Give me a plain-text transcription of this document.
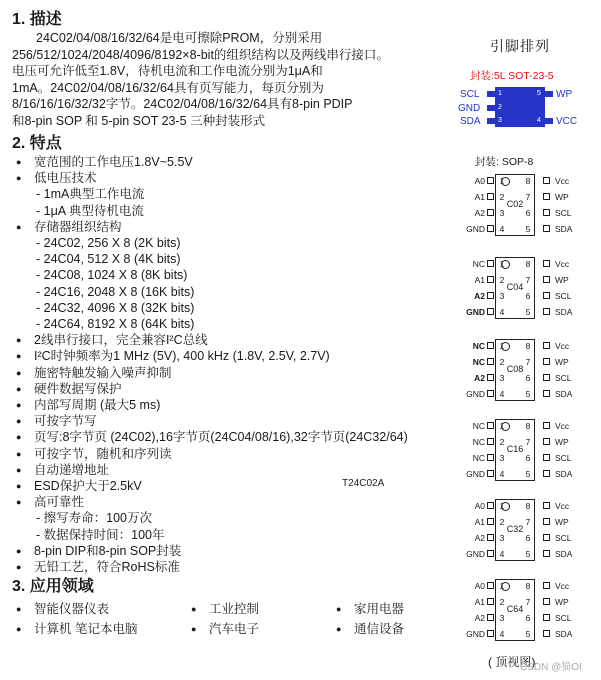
1. 描述
24C02/04/08/16/32/64是电可擦除PROM，分别采用
256/512/1024/2048/4096/8192×8-bit的组织结构以及两线串行接口。
电压可允许低至1.8V，待机电流和工作电流分别为1μA和
1mA。24C02/04/08/16/32/64具有页写能力，每页分别为
8/16/16/16/32/32字节。24C02/04/08/16/32/64具有8-pin PDIP
和8-pin SOP 和 5-pin SOT 23-5 三种封装形式
2. 特点
● 宽范围的工作电压1.8V~5.5V
● 低电压技术
- 1mA典型工作电流
- 1μA 典型待机电流
● 存储器组织结构
- 24C02, 256 X 8 (2K bits)
- 24C04, 512 X 8 (4K bits)
- 24C08, 1024 X 8 (8K bits)
- 24C16, 2048 X 8 (16K bits)
- 24C32, 4096 X 8 (32K bits)
- 24C64, 8192 X 8 (64K bits)
● 2线串行接口，完全兼容I²C总线
● I²C时钟频率为1 MHz (5V), 400 kHz (1.8V, 2.5V, 2.7V)
● 施密特触发输入噪声抑制
● 硬件数据写保护
● 内部写周期 (最大5 ms)
● 可按字节写
● 页写:8字节页 (24C02),16字节页(24C04/08/16),32字节页(24C32/64)
● 可按字节，随机和序列读
● 自动递增地址
● ESD保护大于2.5kV
● 高可靠性
- 擦写寿命：100万次
- 数据保持时间：100年
● 8-pin DIP和8-pin SOP封装
● 无铅工艺，符合RoHS标准
3. 应用领域
● 智能仪器仪表	● 工业控制	● 家用电器
● 计算机 笔记本电脑	● 汽车电子	● 通信设备
T24C02A
引脚排列
封装:5L SOT-23-5
SCL
GND
SDA
WP
VCC
1
2
3
5
4
封装: SOP-8
C02
A0 1	8	Vcc
A1 2	7	WP
A2 3	6	SCL
GND 4	5	SDA
C04
NC 1	8	Vcc
A1 2	7	WP
A2 3	6	SCL
GND 4	5	SDA
C08
NC 1	8	Vcc
NC 2	7	WP
A2 3	6	SCL
GND 4	5	SDA
C16
NC 1	8	Vcc
NC 2	7	WP
NC 3	6	SCL
GND 4	5	SDA
C32
A0 1	8	Vcc
A1 2	7	WP
A2 3	6	SCL
GND 4	5	SDA
C64
A0 1	8	Vcc
A1 2	7	WP
A2 3	6	SCL
GND 4	5	SDA
( 顶视图)
CSDN @猫OI
